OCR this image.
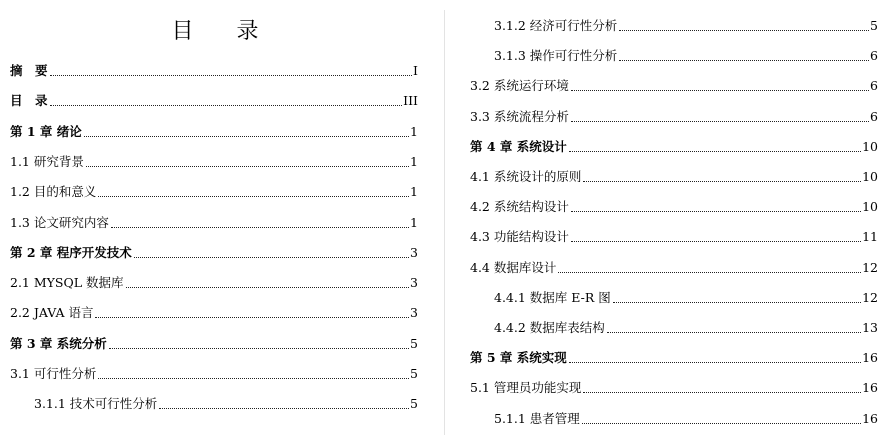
目 录
摘　要	I
目　录	III
第 1 章 绪论	1
1.1 研究背景	1
1.2 目的和意义	1
1.3 论文研究内容	1
第 2 章 程序开发技术	3
2.1 MYSQL 数据库	3
2.2 JAVA 语言	3
第 3 章 系统分析	5
3.1 可行性分析	5
3.1.1 技术可行性分析	5
3.1.2 经济可行性分析	5
3.1.3 操作可行性分析	6
3.2 系统运行环境	6
3.3 系统流程分析	6
第 4 章 系统设计	10
4.1 系统设计的原则	10
4.2 系统结构设计	10
4.3 功能结构设计	11
4.4 数据库设计	12
4.4.1 数据库 E-R 图	12
4.4.2 数据库表结构	13
第 5 章 系统实现	16
5.1 管理员功能实现	16
5.1.1 患者管理	16
